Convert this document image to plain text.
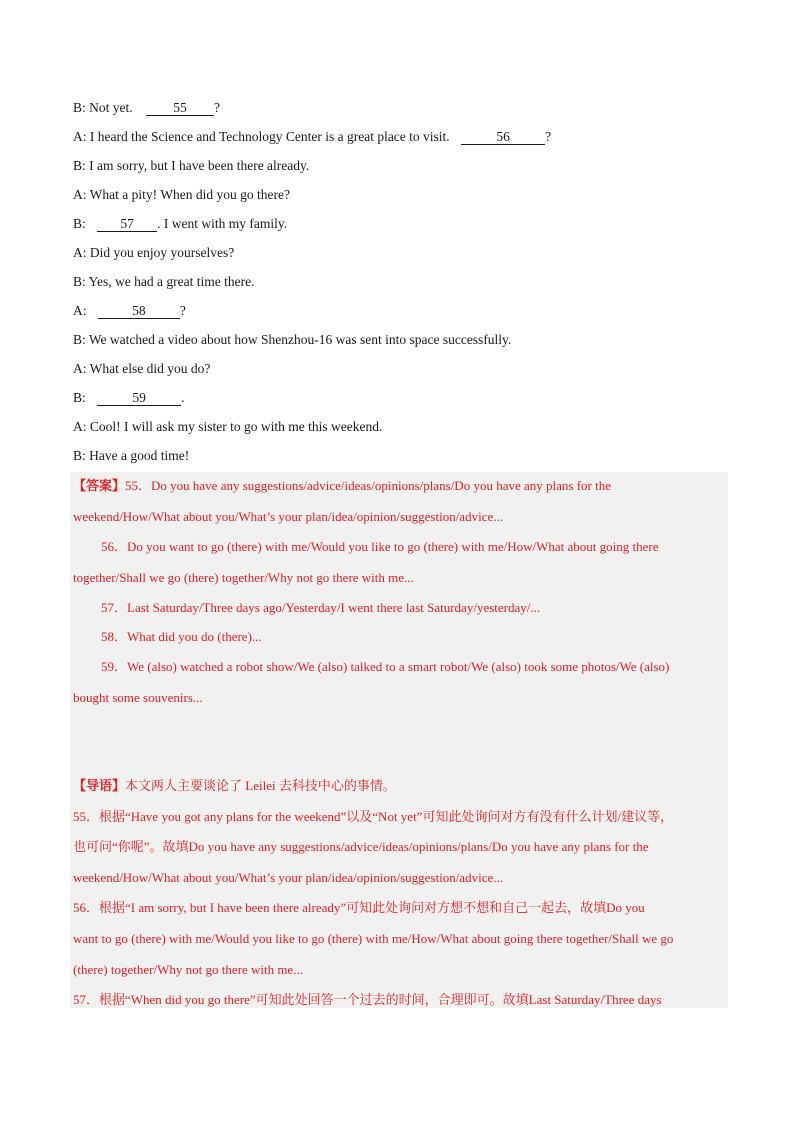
B: Not yet.	55 ?
A: I heard the Science and Technology Center is a great place to visit.	56	?
B: I am sorry, but I have been there already.
A: What a pity! When did you go there?
B:	57 . I went with my family.
A: Did you enjoy yourselves?
B: Yes, we had a great time there.
A:	58	?
B: We watched a video about how Shenzhou-16 was sent into space successfully.
A: What else did you do?
B:	59	.
A: Cool! I will ask my sister to go with me this weekend.
B: Have a good time!
【答案】55．Do you have any suggestions/advice/ideas/opinions/plans/Do you have any plans for the
weekend/How/What about you/What’s your plan/idea/opinion/suggestion/advice...
56．Do you want to go (there) with me/Would you like to go (there) with me/How/What about going there
together/Shall we go (there) together/Why not go there with me...
57．Last Saturday/Three days ago/Yesterday/I went there last Saturday/yesterday/...
58．What did you do (there)...
59．We (also) watched a robot show/We (also) talked to a smart robot/We (also) took some photos/We (also)
bought some souvenirs...
【导语】本文两人主要谈论了 Leilei 去科技中心的事情。
55．根据“Have you got any plans for the weekend”以及“Not yet”可知此处询问对方有没有什么计划/建议等，
也可问“你呢”。故填Do you have any suggestions/advice/ideas/opinions/plans/Do you have any plans for the
weekend/How/What about you/What’s your plan/idea/opinion/suggestion/advice...
56．根据“I am sorry, but I have been there already”可知此处询问对方想不想和自己一起去，故填Do you
want to go (there) with me/Would you like to go (there) with me/How/What about going there together/Shall we go
(there) together/Why not go there with me...
57．根据“When did you go there”可知此处回答一个过去的时间，合理即可。故填Last Saturday/Three days
